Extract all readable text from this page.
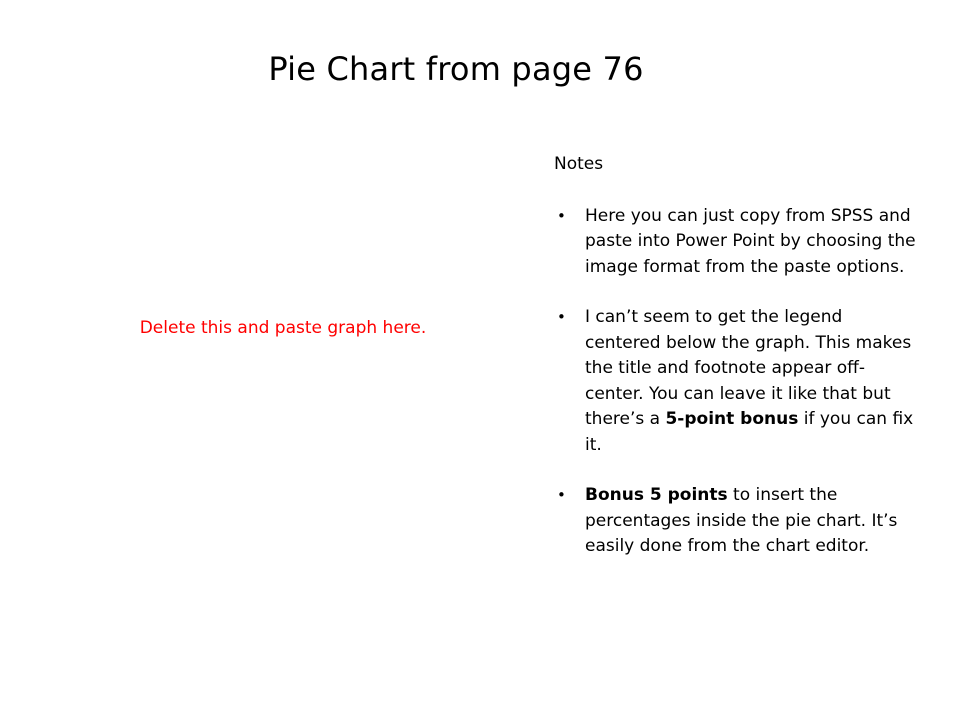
Pie Chart from page 76
Delete this and paste graph here.
Notes
• Here you can just copy from SPSS and paste into Power Point by choosing the image format from the paste options.
• I can’t seem to get the legend centered below the graph. This makes the title and footnote appear off-center. You can leave it like that but there’s a 5-point bonus if you can fix it.
• Bonus 5 points to insert the percentages inside the pie chart. It’s easily done from the chart editor.
